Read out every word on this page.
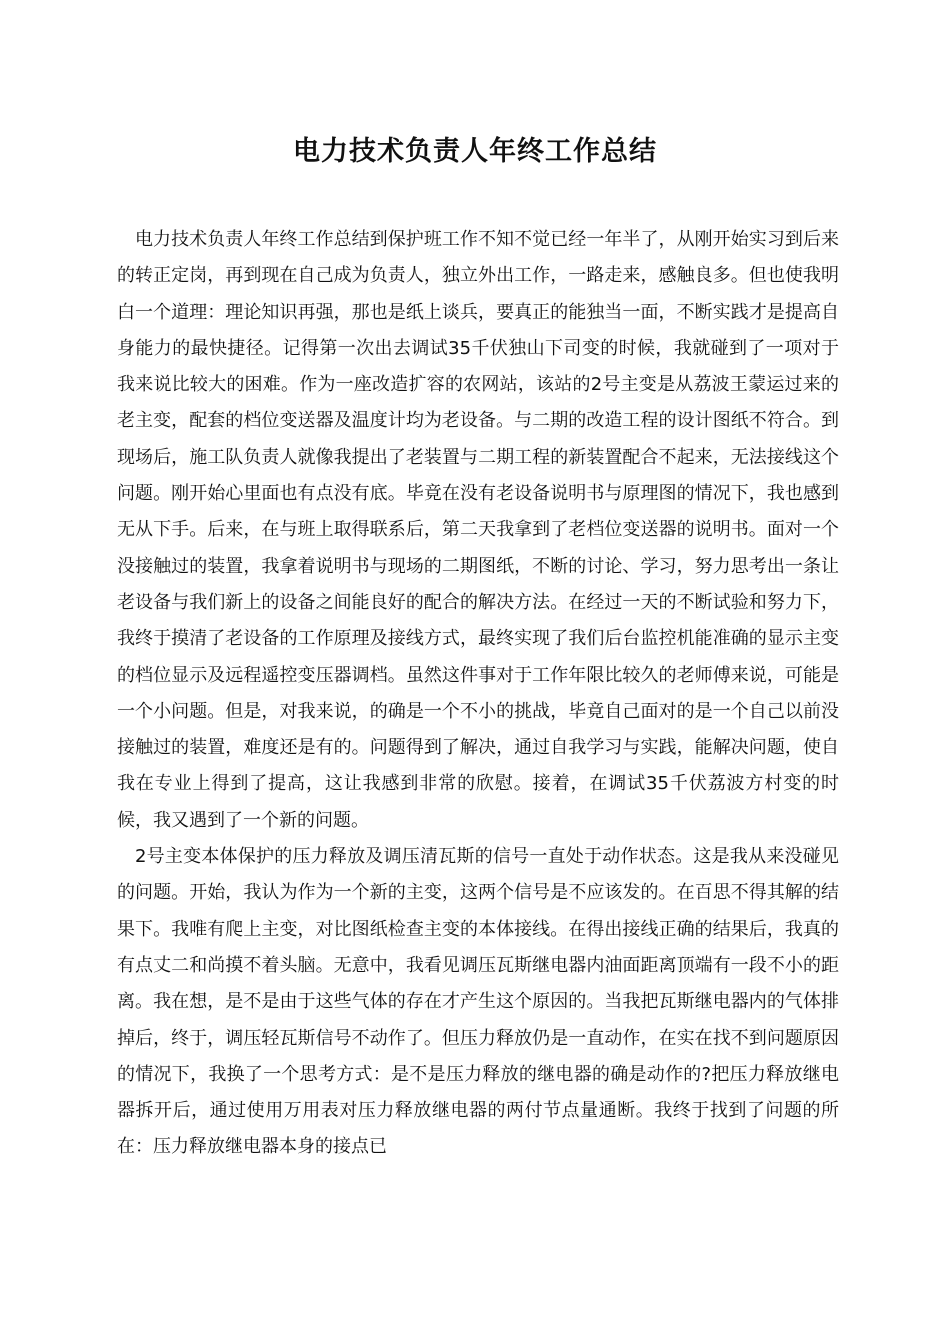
电力技术负责人年终工作总结

电力技术负责人年终工作总结到保护班工作不知不觉已经一年半了，从刚开始实习到后来的转正定岗，再到现在自己成为负责人，独立外出工作，一路走来，感触良多。但也使我明白一个道理：理论知识再强，那也是纸上谈兵，要真正的能独当一面，不断实践才是提高自身能力的最快捷径。记得第一次出去调试35千伏独山下司变的时候，我就碰到了一项对于我来说比较大的困难。作为一座改造扩容的农网站，该站的2号主变是从荔波王蒙运过来的老主变，配套的档位变送器及温度计均为老设备。与二期的改造工程的设计图纸不符合。到现场后，施工队负责人就像我提出了老装置与二期工程的新装置配合不起来，无法接线这个问题。刚开始心里面也有点没有底。毕竟在没有老设备说明书与原理图的情况下，我也感到无从下手。后来，在与班上取得联系后，第二天我拿到了老档位变送器的说明书。面对一个没接触过的装置，我拿着说明书与现场的二期图纸，不断的讨论、学习，努力思考出一条让老设备与我们新上的设备之间能良好的配合的解决方法。在经过一天的不断试验和努力下，我终于摸清了老设备的工作原理及接线方式，最终实现了我们后台监控机能准确的显示主变的档位显示及远程遥控变压器调档。虽然这件事对于工作年限比较久的老师傅来说，可能是一个小问题。但是，对我来说，的确是一个不小的挑战，毕竟自己面对的是一个自己以前没接触过的装置，难度还是有的。问题得到了解决，通过自我学习与实践，能解决问题，使自我在专业上得到了提高，这让我感到非常的欣慰。接着，在调试35千伏荔波方村变的时候，我又遇到了一个新的问题。

2号主变本体保护的压力释放及调压清瓦斯的信号一直处于动作状态。这是我从来没碰见的问题。开始，我认为作为一个新的主变，这两个信号是不应该发的。在百思不得其解的结果下。我唯有爬上主变，对比图纸检查主变的本体接线。在得出接线正确的结果后，我真的有点丈二和尚摸不着头脑。无意中，我看见调压瓦斯继电器内油面距离顶端有一段不小的距离。我在想，是不是由于这些气体的存在才产生这个原因的。当我把瓦斯继电器内的气体排掉后，终于，调压轻瓦斯信号不动作了。但压力释放仍是一直动作，在实在找不到问题原因的情况下，我换了一个思考方式：是不是压力释放的继电器的确是动作的?把压力释放继电器拆开后，通过使用万用表对压力释放继电器的两付节点量通断。我终于找到了问题的所在：压力释放继电器本身的接点已
